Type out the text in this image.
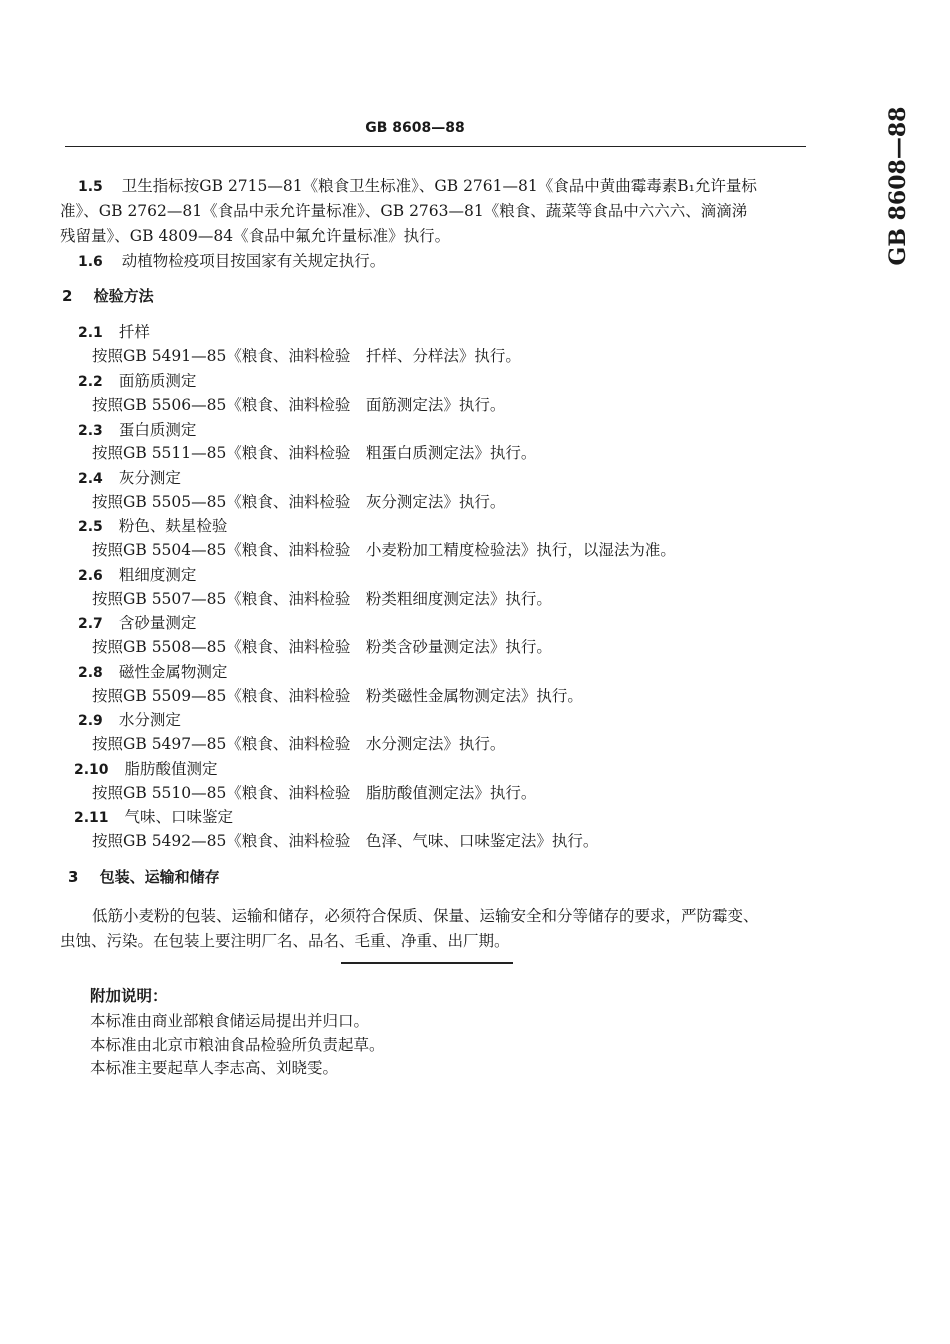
GB 8608—88	GB 8608—88
1.5 卫生指标按GB 2715—81《粮食卫生标准》、GB 2761—81《食品中黄曲霉毒素B₁允许量标
准》、GB 2762—81《食品中汞允许量标准》、GB 2763—81《粮食、蔬菜等食品中六六六、滴滴涕
残留量》、GB 4809—84《食品中氟允许量标准》执行。
1.6 动植物检疫项目按国家有关规定执行。
2 检验方法
2.1 扦样
按照GB 5491—85《粮食、油料检验　扦样、分样法》执行。
2.2 面筋质测定
按照GB 5506—85《粮食、油料检验　面筋测定法》执行。
2.3 蛋白质测定
按照GB 5511—85《粮食、油料检验　粗蛋白质测定法》执行。
2.4 灰分测定
按照GB 5505—85《粮食、油料检验　灰分测定法》执行。
2.5 粉色、麸星检验
按照GB 5504—85《粮食、油料检验　小麦粉加工精度检验法》执行，以湿法为准。
2.6 粗细度测定
按照GB 5507—85《粮食、油料检验　粉类粗细度测定法》执行。
2.7 含砂量测定
按照GB 5508—85《粮食、油料检验　粉类含砂量测定法》执行。
2.8 磁性金属物测定
按照GB 5509—85《粮食、油料检验　粉类磁性金属物测定法》执行。
2.9 水分测定
按照GB 5497—85《粮食、油料检验　水分测定法》执行。
2.10 脂肪酸值测定
按照GB 5510—85《粮食、油料检验　脂肪酸值测定法》执行。
2.11 气味、口味鉴定
按照GB 5492—85《粮食、油料检验　色泽、气味、口味鉴定法》执行。
3 包装、运输和储存
低筋小麦粉的包装、运输和储存，必须符合保质、保量、运输安全和分等储存的要求，严防霉变、
虫蚀、污染。在包装上要注明厂名、品名、毛重、净重、出厂期。
附加说明：
本标准由商业部粮食储运局提出并归口。
本标准由北京市粮油食品检验所负责起草。
本标准主要起草人李志高、刘晓雯。
